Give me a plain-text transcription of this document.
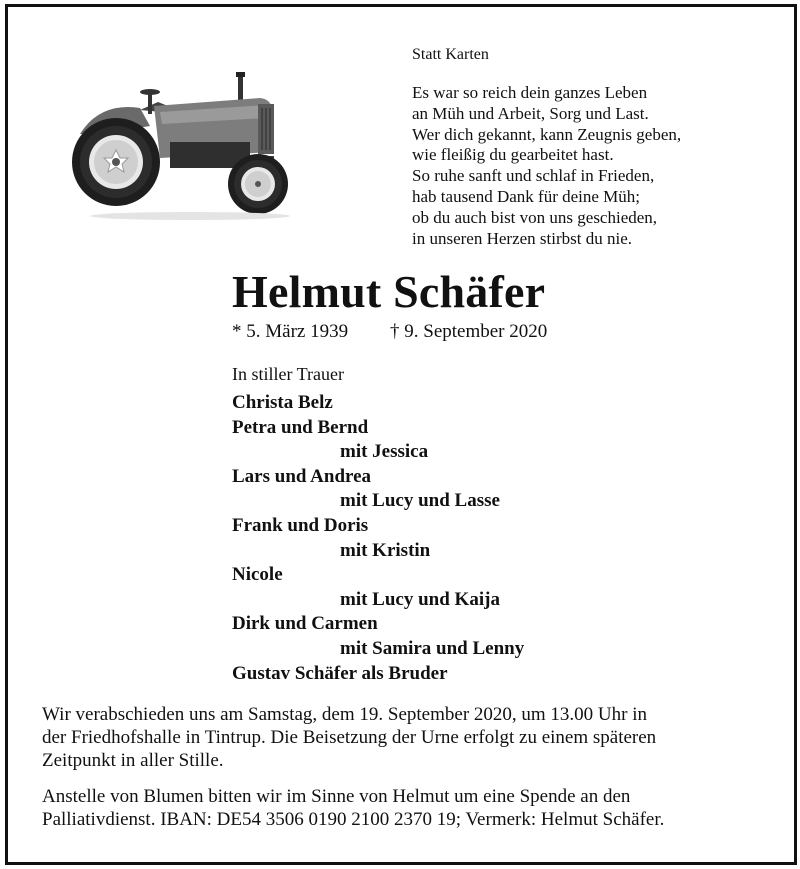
Statt Karten
Es war so reich dein ganzes Leben
an Müh und Arbeit, Sorg und Last.
Wer dich gekannt, kann Zeugnis geben,
wie fleißig du gearbeitet hast.
So ruhe sanft und schlaf in Frieden,
hab tausend Dank für deine Müh;
ob du auch bist von uns geschieden,
in unseren Herzen stirbst du nie.
Helmut Schäfer
* 5. März 1939 † 9. September 2020
In stiller Trauer
Christa Belz
Petra und Bernd
mit Jessica
Lars und Andrea
mit Lucy und Lasse
Frank und Doris
mit Kristin
Nicole
mit Lucy und Kaija
Dirk und Carmen
mit Samira und Lenny
Gustav Schäfer als Bruder
Wir verabschieden uns am Samstag, dem 19. September 2020, um 13.00 Uhr in
der Friedhofshalle in Tintrup. Die Beisetzung der Urne erfolgt zu einem späteren
Zeitpunkt in aller Stille.
Anstelle von Blumen bitten wir im Sinne von Helmut um eine Spende an den
Palliativdienst. IBAN: DE54 3506 0190 2100 2370 19; Vermerk: Helmut Schäfer.
